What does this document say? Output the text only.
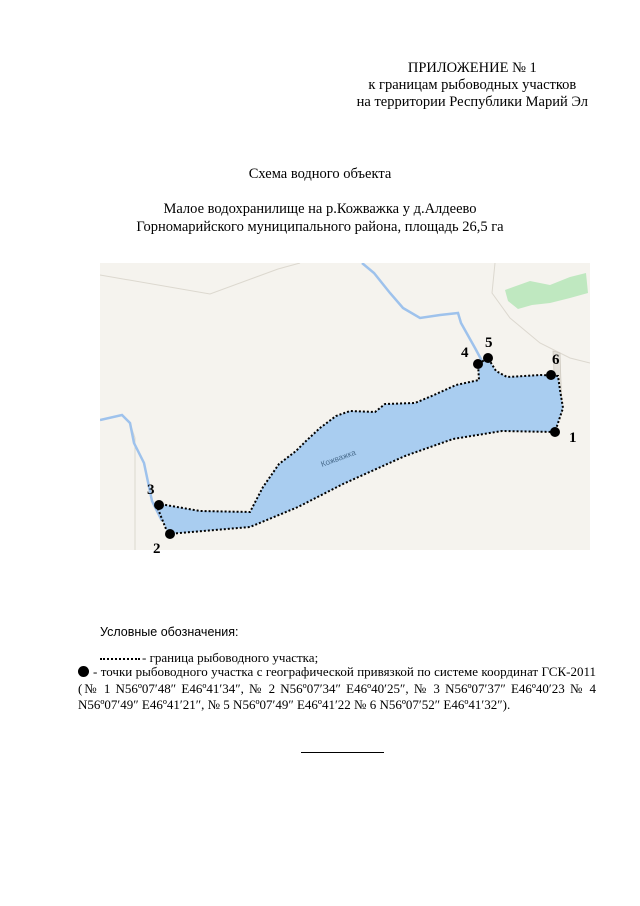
ПРИЛОЖЕНИЕ № 1
к границам рыбоводных участков
на территории Республики Марий Эл
Схема водного объекта
Малое водохранилище на р.Кожважка у д.Алдеево
Горномарийского муниципального района, площадь 26,5 га
Кожважка
1
2
3
4
5
6
Условные обозначения:
- граница рыбоводного участка;
- точки рыбоводного участка с географической привязкой по системе координат ГСК-2011 (№ 1 N56º07′48″ E46º41′34″, № 2 N56º07′34″ E46º40′25″, № 3 N56º07′37″ E46º40′23 № 4 N56º07′49″ E46º41′21″, № 5 N56º07′49″ E46º41′22 № 6 N56º07′52″ E46º41′32″).
